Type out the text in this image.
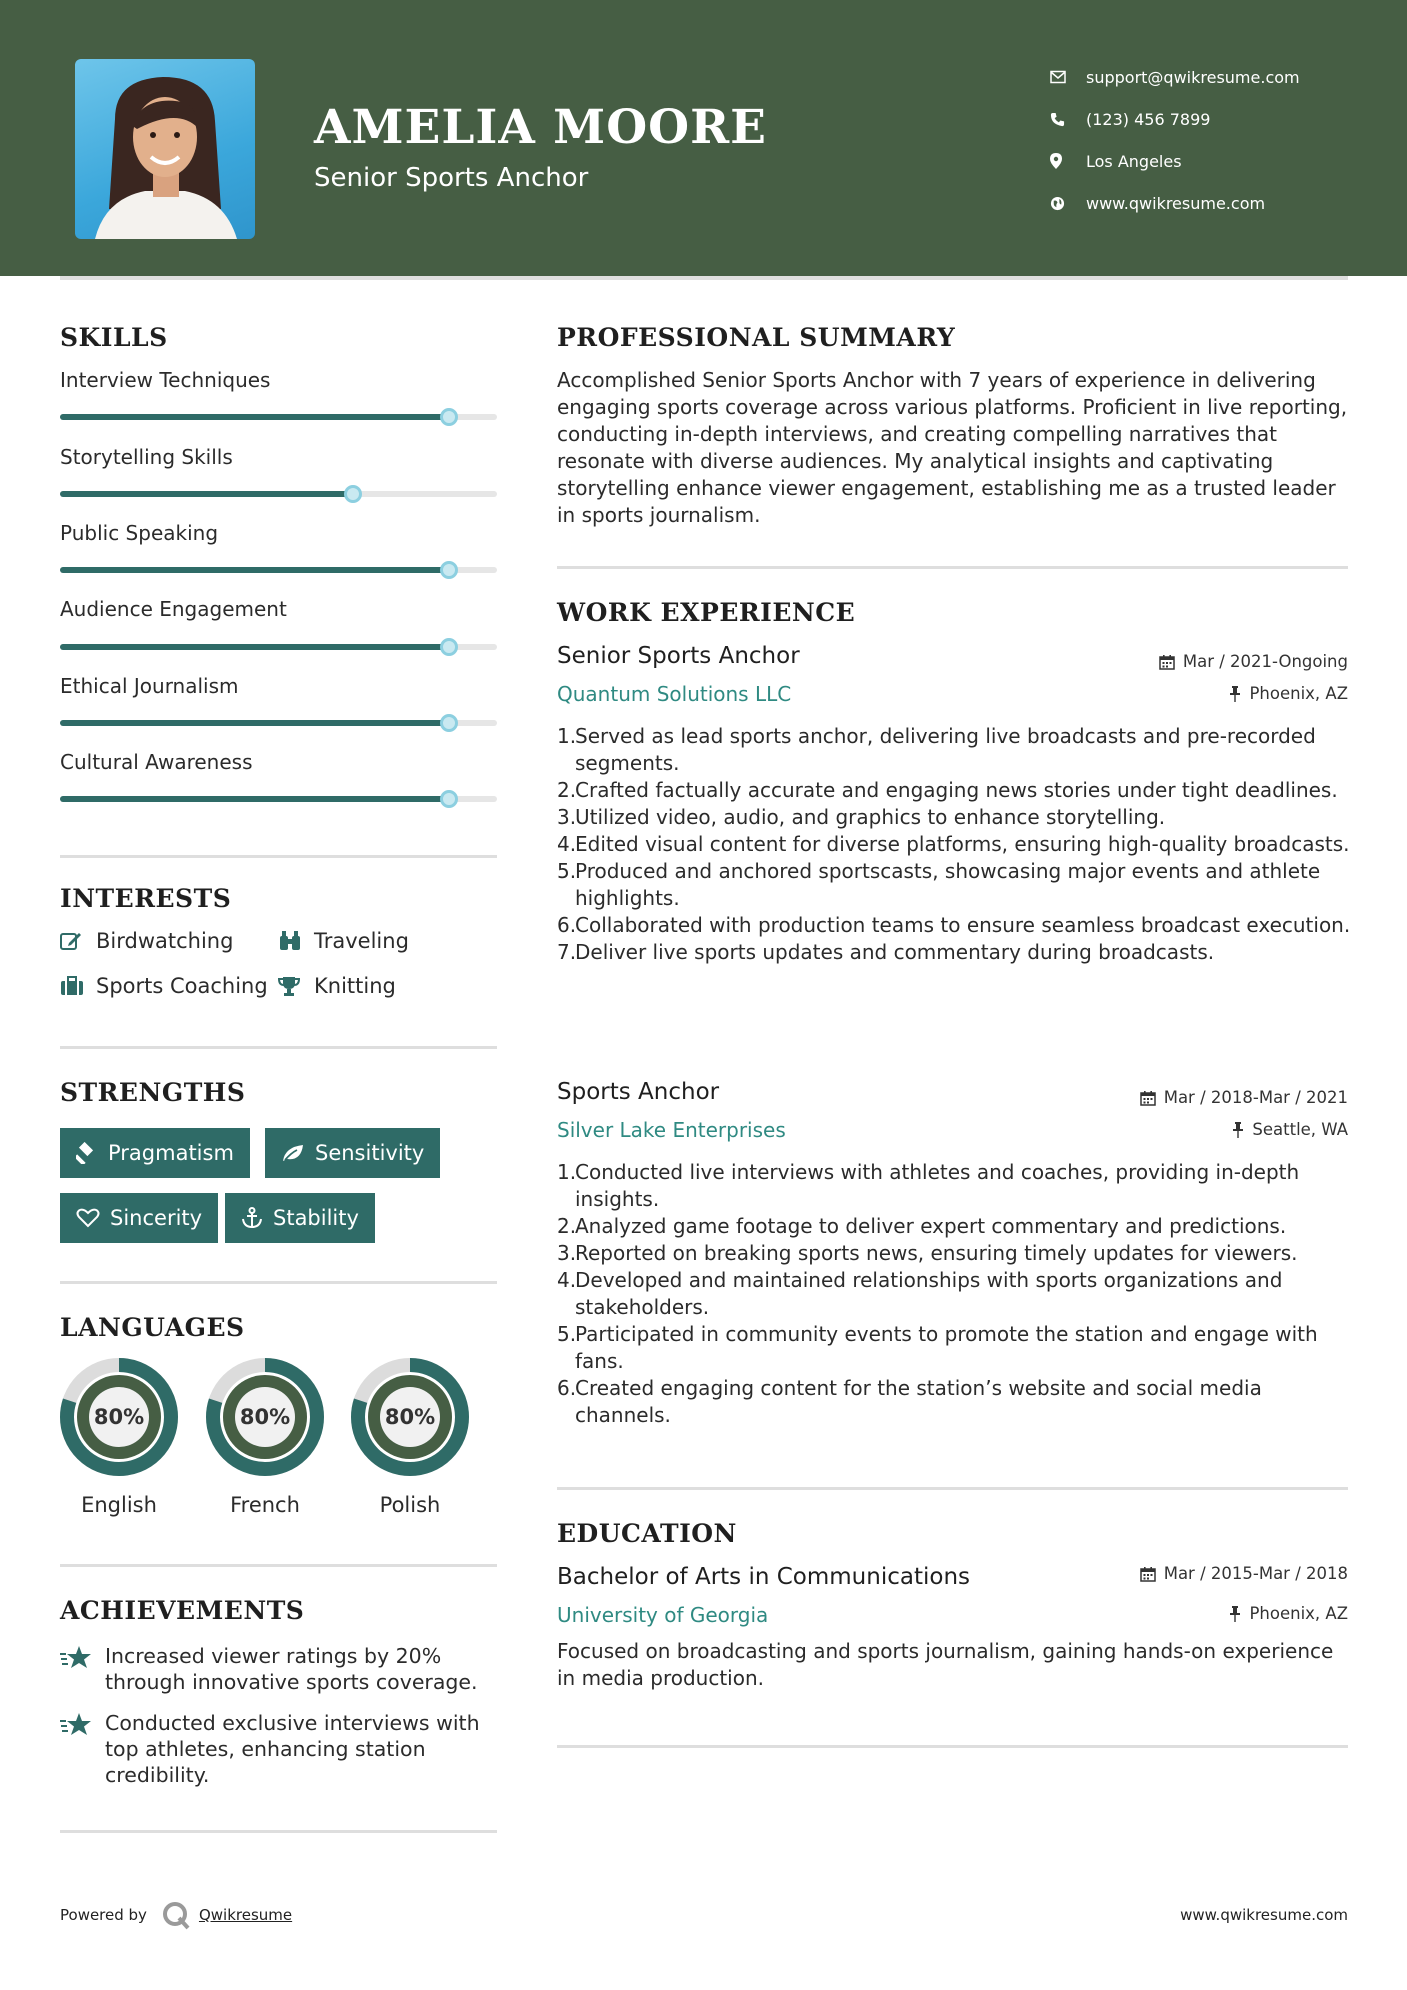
AMELIA MOORE
Senior Sports Anchor
support@qwikresume.com
(123) 456 7899
Los Angeles
www.qwikresume.com
SKILLS
Interview Techniques
Storytelling Skills
Public Speaking
Audience Engagement
Ethical Journalism
Cultural Awareness
INTERESTS
Birdwatching	Traveling
Sports Coaching Knitting
STRENGTHS
Pragmatism	Sensitivity
Sincerity	Stability
LANGUAGES
80%
English
80%
French
80%
Polish
ACHIEVEMENTS
Increased viewer ratings by 20% through innovative sports coverage.
Conducted exclusive interviews with top athletes, enhancing station credibility.
PROFESSIONAL SUMMARY
Accomplished Senior Sports Anchor with 7 years of experience in delivering engaging sports coverage across various platforms. Proficient in live reporting, conducting in-depth interviews, and creating compelling narratives that resonate with diverse audiences. My analytical insights and captivating storytelling enhance viewer engagement, establishing me as a trusted leader in sports journalism.
WORK EXPERIENCE
Senior Sports Anchor	Mar / 2021-Ongoing
Quantum Solutions LLC	Phoenix, AZ
1.
Served as lead sports anchor, delivering live broadcasts and pre-recorded segments.
2.
Crafted factually accurate and engaging news stories under tight deadlines.
3.
Utilized video, audio, and graphics to enhance storytelling.
4.
Edited visual content for diverse platforms, ensuring high-quality broadcasts.
5.
Produced and anchored sportscasts, showcasing major events and athlete highlights.
6.
Collaborated with production teams to ensure seamless broadcast execution.
7.
Deliver live sports updates and commentary during broadcasts.
Sports Anchor	Mar / 2018-Mar / 2021
Silver Lake Enterprises	Seattle, WA
1.
Conducted live interviews with athletes and coaches, providing in-depth insights.
2.
Analyzed game footage to deliver expert commentary and predictions.
3.
Reported on breaking sports news, ensuring timely updates for viewers.
4.
Developed and maintained relationships with sports organizations and stakeholders.
5.
Participated in community events to promote the station and engage with fans.
6.
Created engaging content for the station’s website and social media channels.
EDUCATION
Bachelor of Arts in Communications	Mar / 2015-Mar / 2018
University of Georgia	Phoenix, AZ
Focused on broadcasting and sports journalism, gaining hands-on experience in media production.
Powered by	Qwikresume	www.qwikresume.com
